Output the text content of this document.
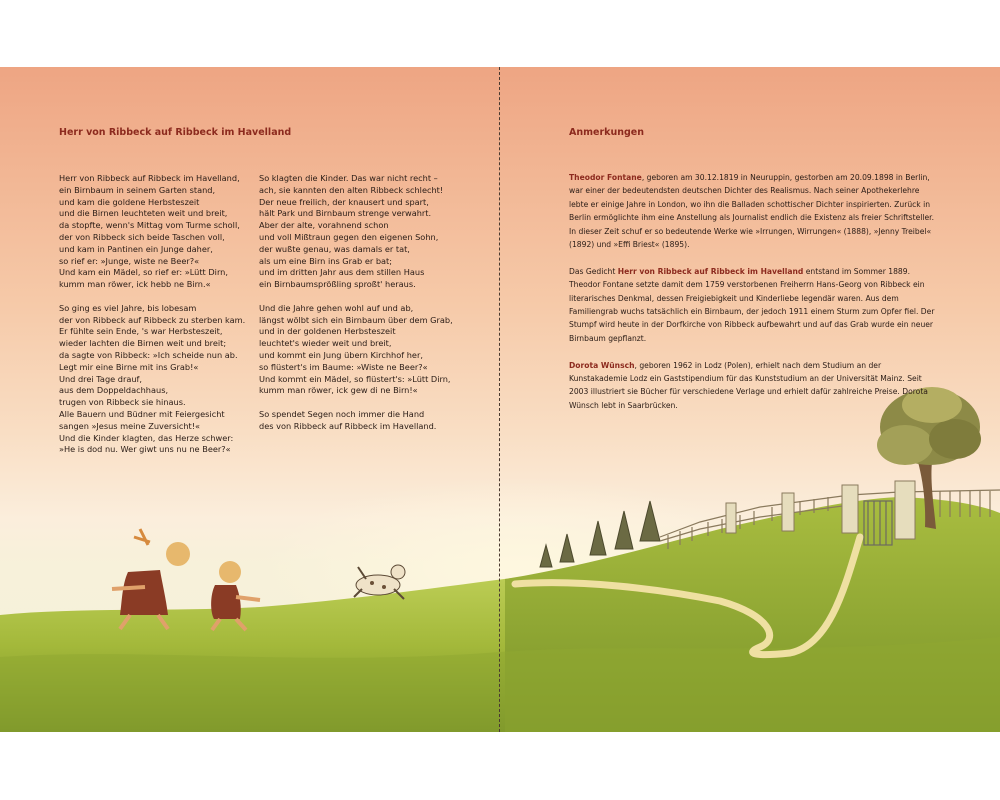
Herr von Ribbeck auf Ribbeck im Havelland
Herr von Ribbeck auf Ribbeck im Havelland,
ein Birnbaum in seinem Garten stand,
und kam die goldene Herbsteszeit
und die Birnen leuchteten weit und breit,
da stopfte, wenn's Mittag vom Turme scholl,
der von Ribbeck sich beide Taschen voll,
und kam in Pantinen ein Junge daher,
so rief er: »Junge, wiste ne Beer?«
Und kam ein Mädel, so rief er: »Lütt Dirn,
kumm man röwer, ick hebb ne Birn.«
So ging es viel Jahre, bis lobesam
der von Ribbeck auf Ribbeck zu sterben kam.
Er fühlte sein Ende, 's war Herbsteszeit,
wieder lachten die Birnen weit und breit;
da sagte von Ribbeck: »Ich scheide nun ab.
Legt mir eine Birne mit ins Grab!«
Und drei Tage drauf,
aus dem Doppeldachhaus,
trugen von Ribbeck sie hinaus.
Alle Bauern und Büdner mit Feiergesicht
sangen »Jesus meine Zuversicht!«
Und die Kinder klagten, das Herze schwer:
»He is dod nu. Wer giwt uns nu ne Beer?«
So klagten die Kinder. Das war nicht recht –
ach, sie kannten den alten Ribbeck schlecht!
Der neue freilich, der knausert und spart,
hält Park und Birnbaum strenge verwahrt.
Aber der alte, vorahnend schon
und voll Mißtraun gegen den eigenen Sohn,
der wußte genau, was damals er tat,
als um eine Birn ins Grab er bat;
und im dritten Jahr aus dem stillen Haus
ein Birnbaumsprößling sproßt' heraus.
Und die Jahre gehen wohl auf und ab,
längst wölbt sich ein Birnbaum über dem Grab,
und in der goldenen Herbsteszeit
leuchtet's wieder weit und breit,
und kommt ein Jung übern Kirchhof her,
so flüstert's im Baume: »Wiste ne Beer?«
Und kommt ein Mädel, so flüstert's: »Lütt Dirn,
kumm man röwer, ick gew di ne Birn!«
So spendet Segen noch immer die Hand
des von Ribbeck auf Ribbeck im Havelland.
Anmerkungen

Theodor Fontane, geboren am 30.12.1819 in Neuruppin, gestorben am 20.09.1898 in Berlin, war einer der bedeutendsten deutschen Dichter des Realismus. Nach seiner Apothekerlehre lebte er einige Jahre in London, wo ihn die Balladen schottischer Dichter inspirierten. Zurück in Berlin ermöglichte ihm eine Anstellung als Journalist endlich die Existenz als freier Schriftsteller. In dieser Zeit schuf er so bedeutende Werke wie »Irrungen, Wirrungen« (1888), »Jenny Treibel« (1892) und »Effi Briest« (1895).

Das Gedicht Herr von Ribbeck auf Ribbeck im Havelland entstand im Sommer 1889. Theodor Fontane setzte damit dem 1759 verstorbenen Freiherrn Hans-Georg von Ribbeck ein literarisches Denkmal, dessen Freigiebigkeit und Kinderliebe legendär waren. Aus dem Familiengrab wuchs tatsächlich ein Birnbaum, der jedoch 1911 einem Sturm zum Opfer fiel. Der Stumpf wird heute in der Dorfkirche von Ribbeck aufbewahrt und auf das Grab wurde ein neuer Birnbaum gepflanzt.

Dorota Wünsch, geboren 1962 in Lodz (Polen), erhielt nach dem Studium an der Kunstakademie Lodz ein Gaststipendium für das Kunststudium an der Universität Mainz. Seit 2003 illustriert sie Bücher für verschiedene Verlage und erhielt dafür zahlreiche Preise. Dorota Wünsch lebt in Saarbrücken.
